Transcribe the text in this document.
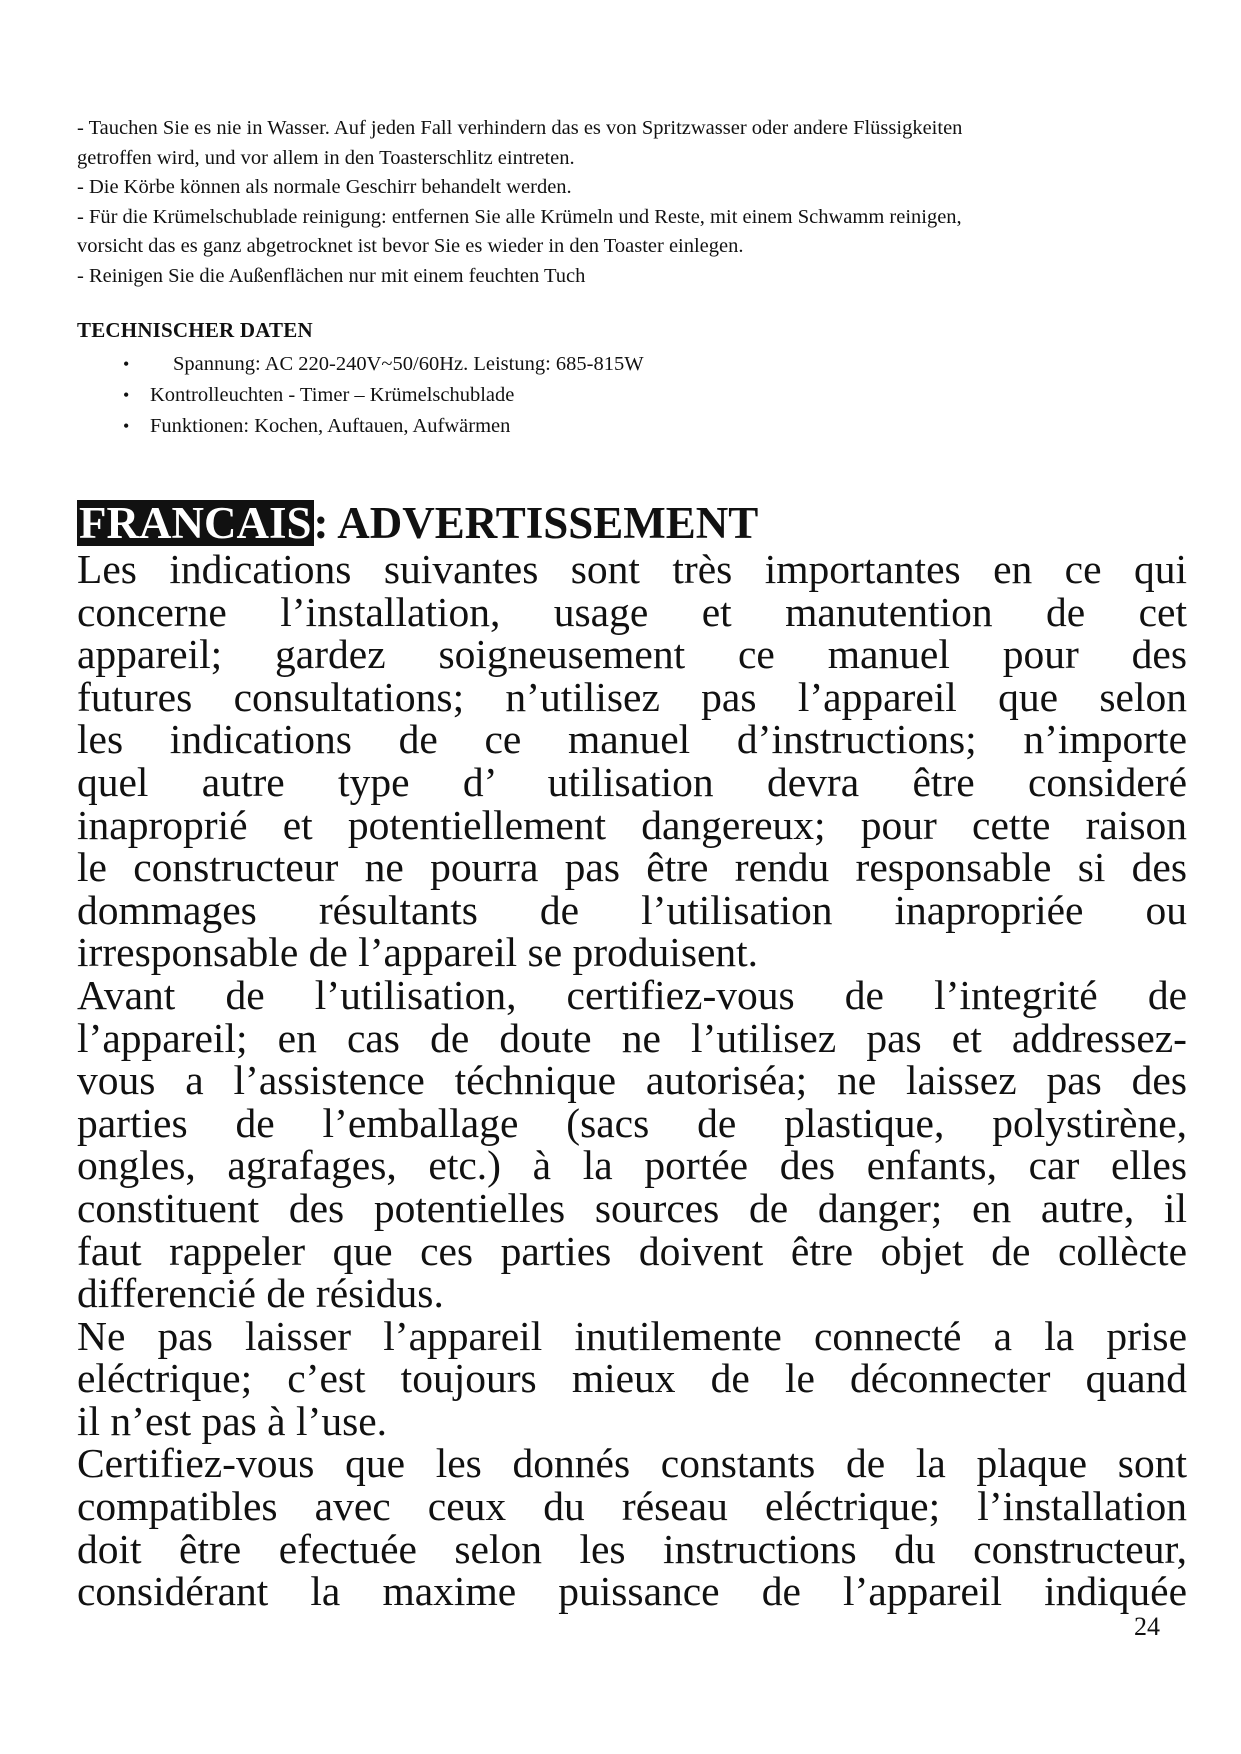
- Tauchen Sie es nie in Wasser. Auf jeden Fall verhindern das es von Spritzwasser oder andere Flüssigkeiten

getroffen wird, und vor allem in den Toasterschlitz eintreten.

- Die Körbe können als normale Geschirr behandelt werden.

- Für die Krümelschublade reinigung: entfernen Sie alle Krümeln und Reste, mit einem Schwamm reinigen,

vorsicht das es ganz abgetrocknet ist bevor Sie es wieder in den Toaster einlegen.

- Reinigen Sie die Außenflächen nur mit einem feuchten Tuch

TECHNISCHER DATEN
• Spannung: AC 220-240V~50/60Hz. Leistung: 685-815W
• Kontrolleuchten - Timer – Krümelschublade
• Funktionen: Kochen, Auftauen, Aufwärmen
FRANCAIS: ADVERTISSEMENT
Les indications suivantes sont très importantes en ce qui
concerne l’installation, usage et manutention de cet
appareil; gardez soigneusement ce manuel pour des
futures consultations; n’utilisez pas l’appareil que selon
les indications de ce manuel d’instructions; n’importe
quel autre type d’ utilisation devra être consideré
inaproprié et potentiellement dangereux; pour cette raison
le constructeur ne pourra pas être rendu responsable si des
dommages résultants de l’utilisation inapropriée ou
irresponsable de l’appareil se produisent.
Avant de l’utilisation, certifiez-vous de l’integrité de
l’appareil; en cas de doute ne l’utilisez pas et addressez-
vous a l’assistence téchnique autoriséa; ne laissez pas des
parties de l’emballage (sacs de plastique, polystirène,
ongles, agrafages, etc.) à la portée des enfants, car elles
constituent des potentielles sources de danger; en autre, il
faut rappeler que ces parties doivent être objet de collècte
differencié de résidus.
Ne pas laisser l’appareil inutilemente connecté a la prise
eléctrique; c’est toujours mieux de le déconnecter quand
il n’est pas à l’use.
Certifiez-vous que les donnés constants de la plaque sont
compatibles avec ceux du réseau eléctrique; l’installation
doit être efectuée selon les instructions du constructeur,
considérant la maxime puissance de l’appareil indiquée
24
